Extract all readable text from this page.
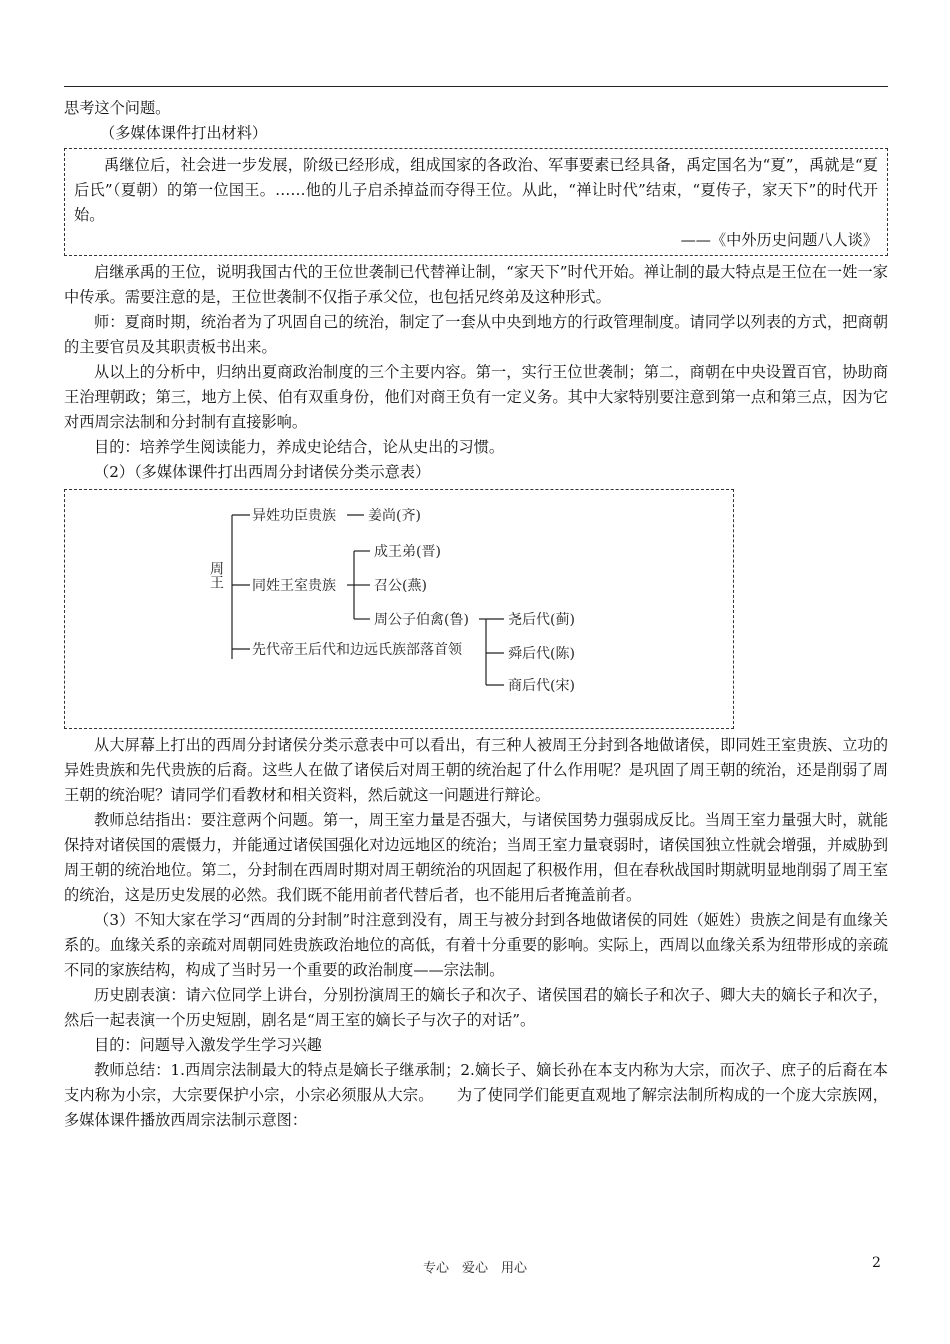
思考这个问题。

（多媒体课件打出材料）

禹继位后，社会进一步发展，阶级已经形成，组成国家的各政治、军事要素已经具备，禹定国名为“夏”，禹就是“夏后氏”（夏朝）的第一位国王。……他的儿子启杀掉益而夺得王位。从此，“禅让时代”结束，“夏传子，家天下”的时代开始。

——《中外历史问题八人谈》

启继承禹的王位，说明我国古代的王位世袭制已代替禅让制，“家天下”时代开始。禅让制的最大特点是王位在一姓一家中传承。需要注意的是，王位世袭制不仅指子承父位，也包括兄终弟及这种形式。

师：夏商时期，统治者为了巩固自己的统治，制定了一套从中央到地方的行政管理制度。请同学以列表的方式，把商朝的主要官员及其职责板书出来。

从以上的分析中，归纳出夏商政治制度的三个主要内容。第一，实行王位世袭制；第二，商朝在中央设置百官，协助商王治理朝政；第三，地方上侯、伯有双重身份，他们对商王负有一定义务。其中大家特别要注意到第一点和第三点，因为它对西周宗法制和分封制有直接影响。

目的：培养学生阅读能力，养成史论结合，论从史出的习惯。

（2）（多媒体课件打出西周分封诸侯分类示意表）

周王
异姓功臣贵族 姜尚(齐)
同姓王室贵族
成王弟(晋)
召公(燕)
周公子伯禽(鲁)
先代帝王后代和边远氏族部落首领
尧后代(蓟)
舜后代(陈)
商后代(宋)

从大屏幕上打出的西周分封诸侯分类示意表中可以看出，有三种人被周王分封到各地做诸侯，即同姓王室贵族、立功的异姓贵族和先代贵族的后裔。这些人在做了诸侯后对周王朝的统治起了什么作用呢？是巩固了周王朝的统治，还是削弱了周王朝的统治呢？请同学们看教材和相关资料，然后就这一问题进行辩论。

教师总结指出：要注意两个问题。第一，周王室力量是否强大，与诸侯国势力强弱成反比。当周王室力量强大时，就能保持对诸侯国的震慑力，并能通过诸侯国强化对边远地区的统治；当周王室力量衰弱时，诸侯国独立性就会增强，并威胁到周王朝的统治地位。第二，分封制在西周时期对周王朝统治的巩固起了积极作用，但在春秋战国时期就明显地削弱了周王室的统治，这是历史发展的必然。我们既不能用前者代替后者，也不能用后者掩盖前者。

（3）不知大家在学习“西周的分封制”时注意到没有，周王与被分封到各地做诸侯的同姓（姬姓）贵族之间是有血缘关系的。血缘关系的亲疏对周朝同姓贵族政治地位的高低，有着十分重要的影响。实际上，西周以血缘关系为纽带形成的亲疏不同的家族结构，构成了当时另一个重要的政治制度——宗法制。

历史剧表演：请六位同学上讲台，分别扮演周王的嫡长子和次子、诸侯国君的嫡长子和次子、卿大夫的嫡长子和次子，然后一起表演一个历史短剧，剧名是“周王室的嫡长子与次子的对话”。

目的：问题导入激发学生学习兴趣

教师总结：1.西周宗法制最大的特点是嫡长子继承制；2.嫡长子、嫡长孙在本支内称为大宗，而次子、庶子的后裔在本支内称为小宗，大宗要保护小宗，小宗必须服从大宗。　　为了使同学们能更直观地了解宗法制所构成的一个庞大宗族网，多媒体课件播放西周宗法制示意图：

专心　爱心　用心	2
